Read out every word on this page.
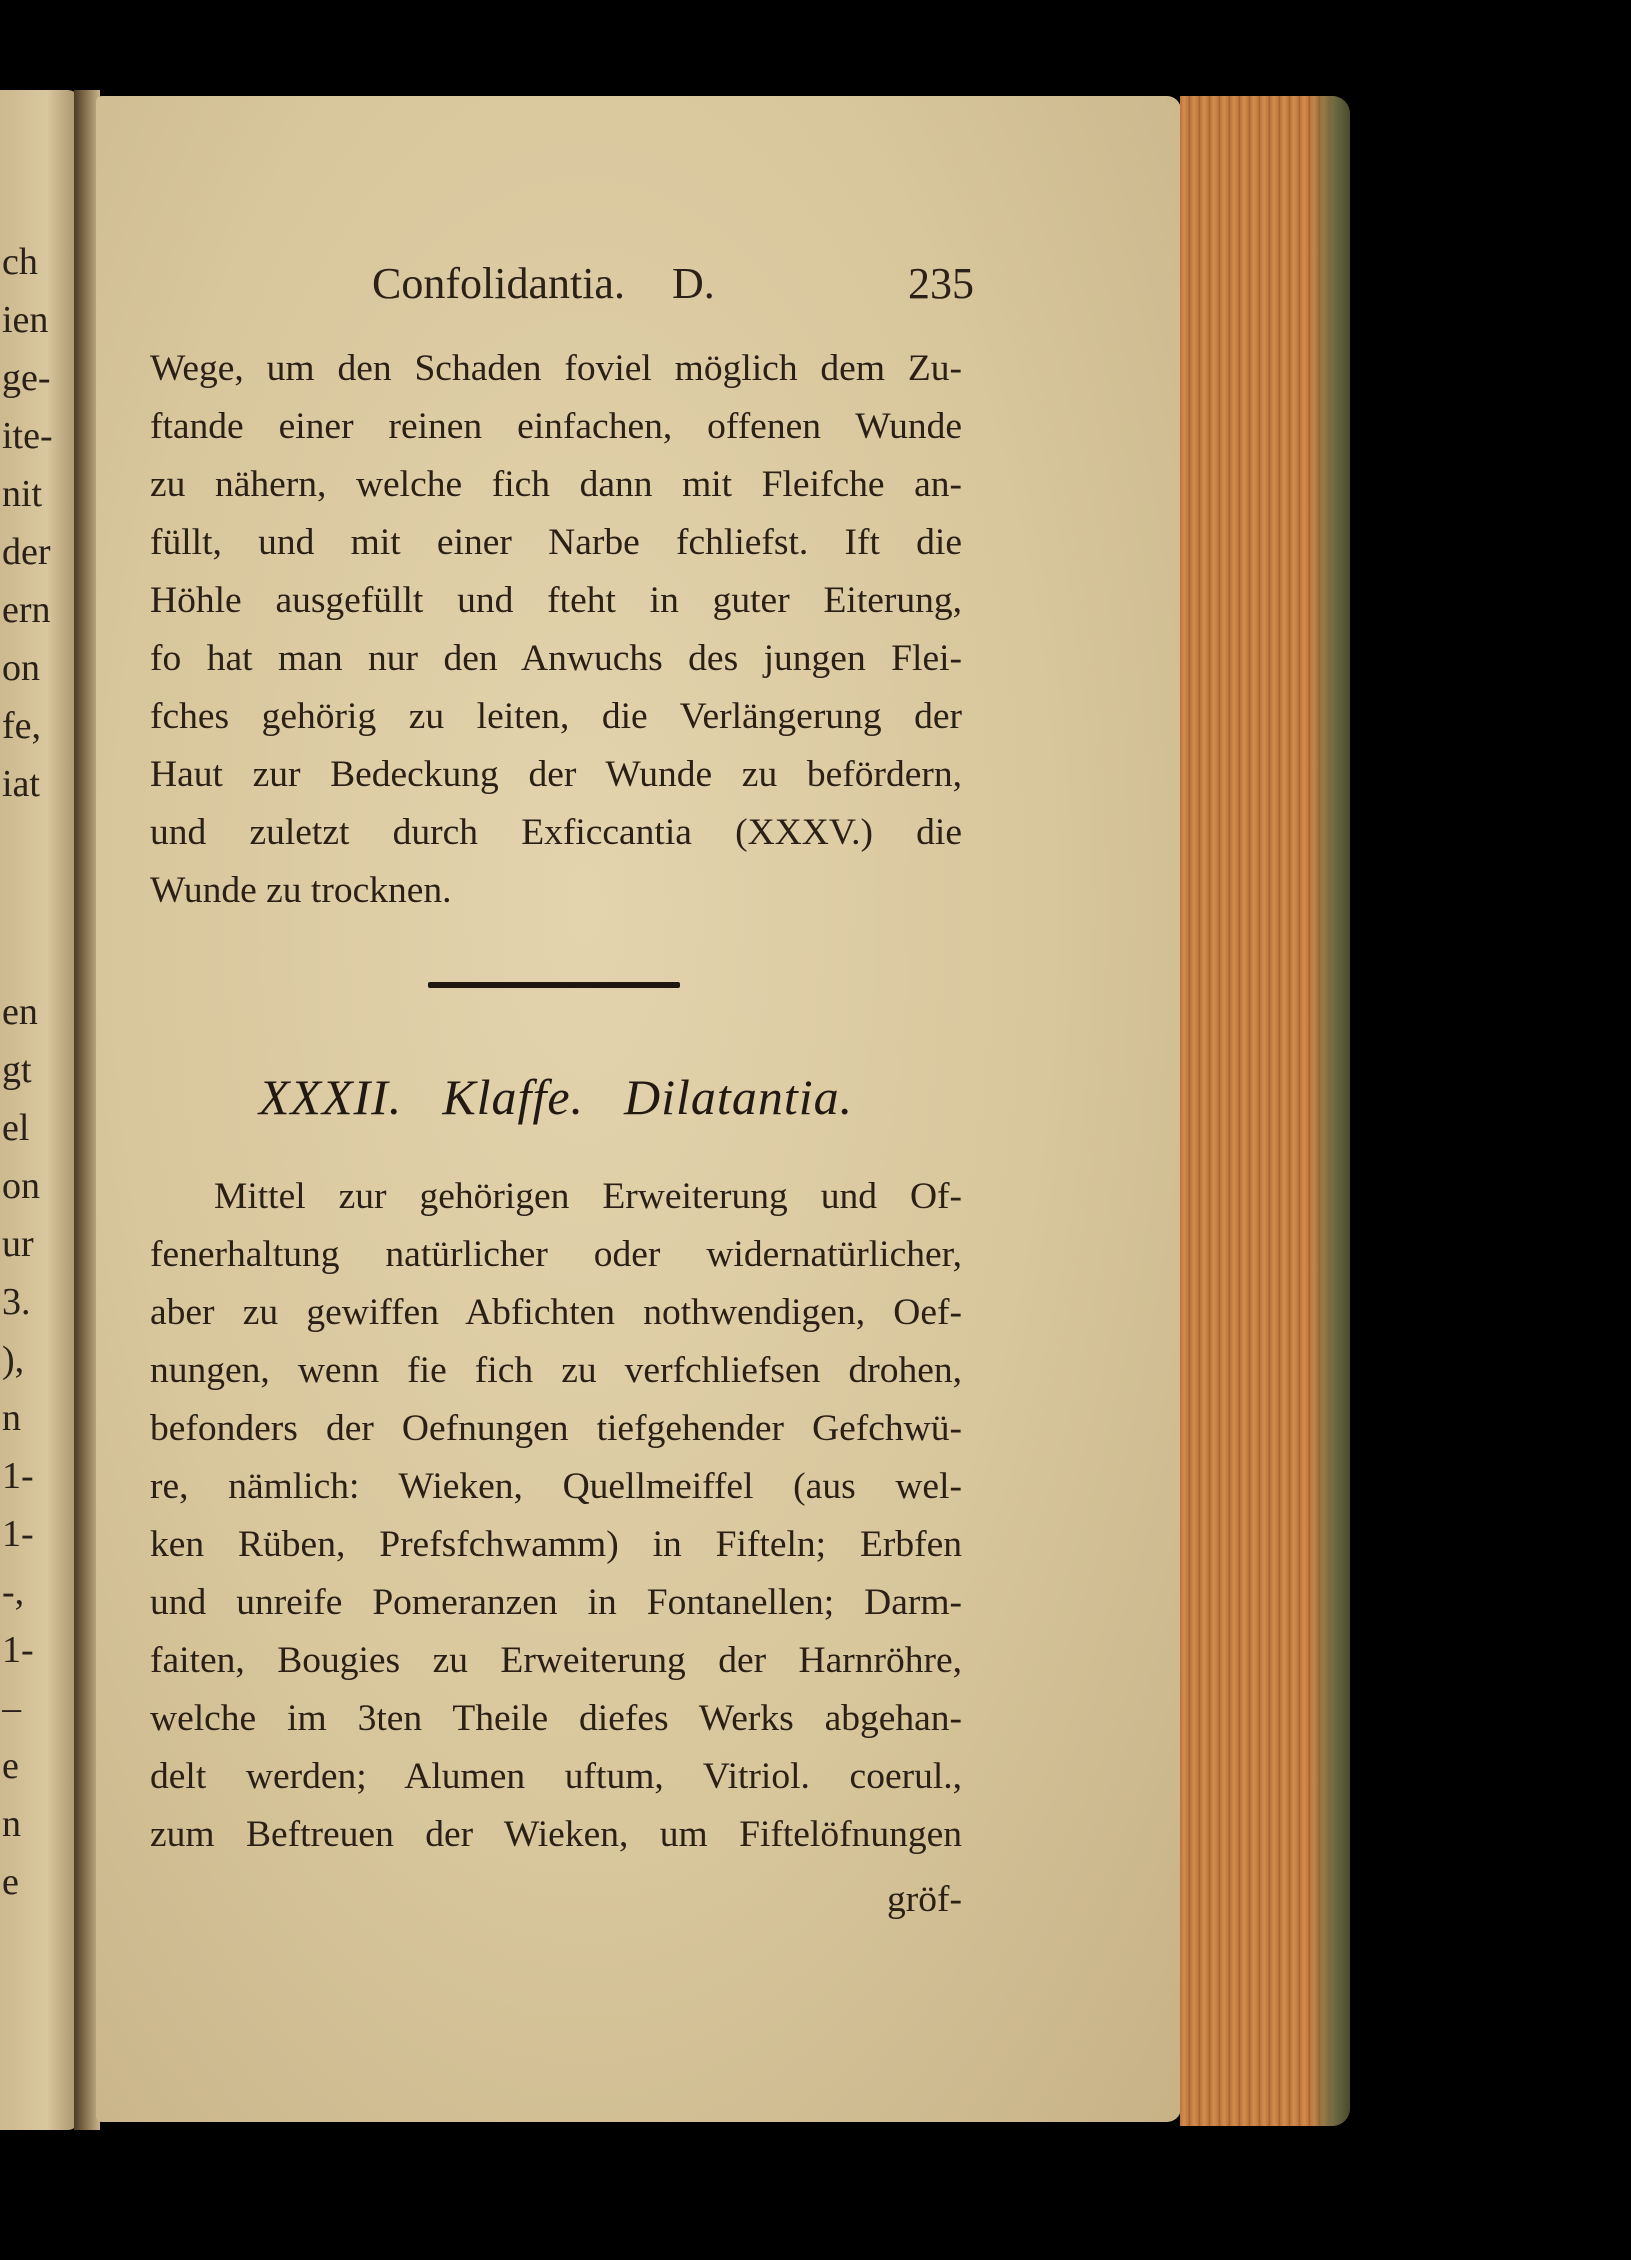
ch
ien
ge-
ite-
nit
der
ern
on
fe,
iat
en
gt
el
on
ur
3.
),
n
1-
1-
-,
1-
–
e
n
e
Confolidantia. D.	235
Wege, um den Schaden foviel möglich dem Zu-
ftande einer reinen einfachen, offenen Wunde
zu nähern, welche fich dann mit Fleifche an-
füllt, und mit einer Narbe fchliefst. Ift die
Höhle ausgefüllt und fteht in guter Eiterung,
fo hat man nur den Anwuchs des jungen Flei-
fches gehörig zu leiten, die Verlängerung der
Haut zur Bedeckung der Wunde zu befördern,
und zuletzt durch Exficcantia (XXXV.) die
Wunde zu trocknen.
XXXII. Klaffe. Dilatantia.
Mittel zur gehörigen Erweiterung und Of-
fenerhaltung natürlicher oder widernatürlicher,
aber zu gewiffen Abfichten nothwendigen, Oef-
nungen, wenn fie fich zu verfchliefsen drohen,
befonders der Oefnungen tiefgehender Gefchwü-
re, nämlich: Wieken, Quellmeiffel (aus wel-
ken Rüben, Prefsfchwamm) in Fifteln; Erbfen
und unreife Pomeranzen in Fontanellen; Darm-
faiten, Bougies zu Erweiterung der Harnröhre,
welche im 3ten Theile diefes Werks abgehan-
delt werden; Alumen uftum, Vitriol. coerul.,
zum Beftreuen der Wieken, um Fiftelöfnungen
gröf-
